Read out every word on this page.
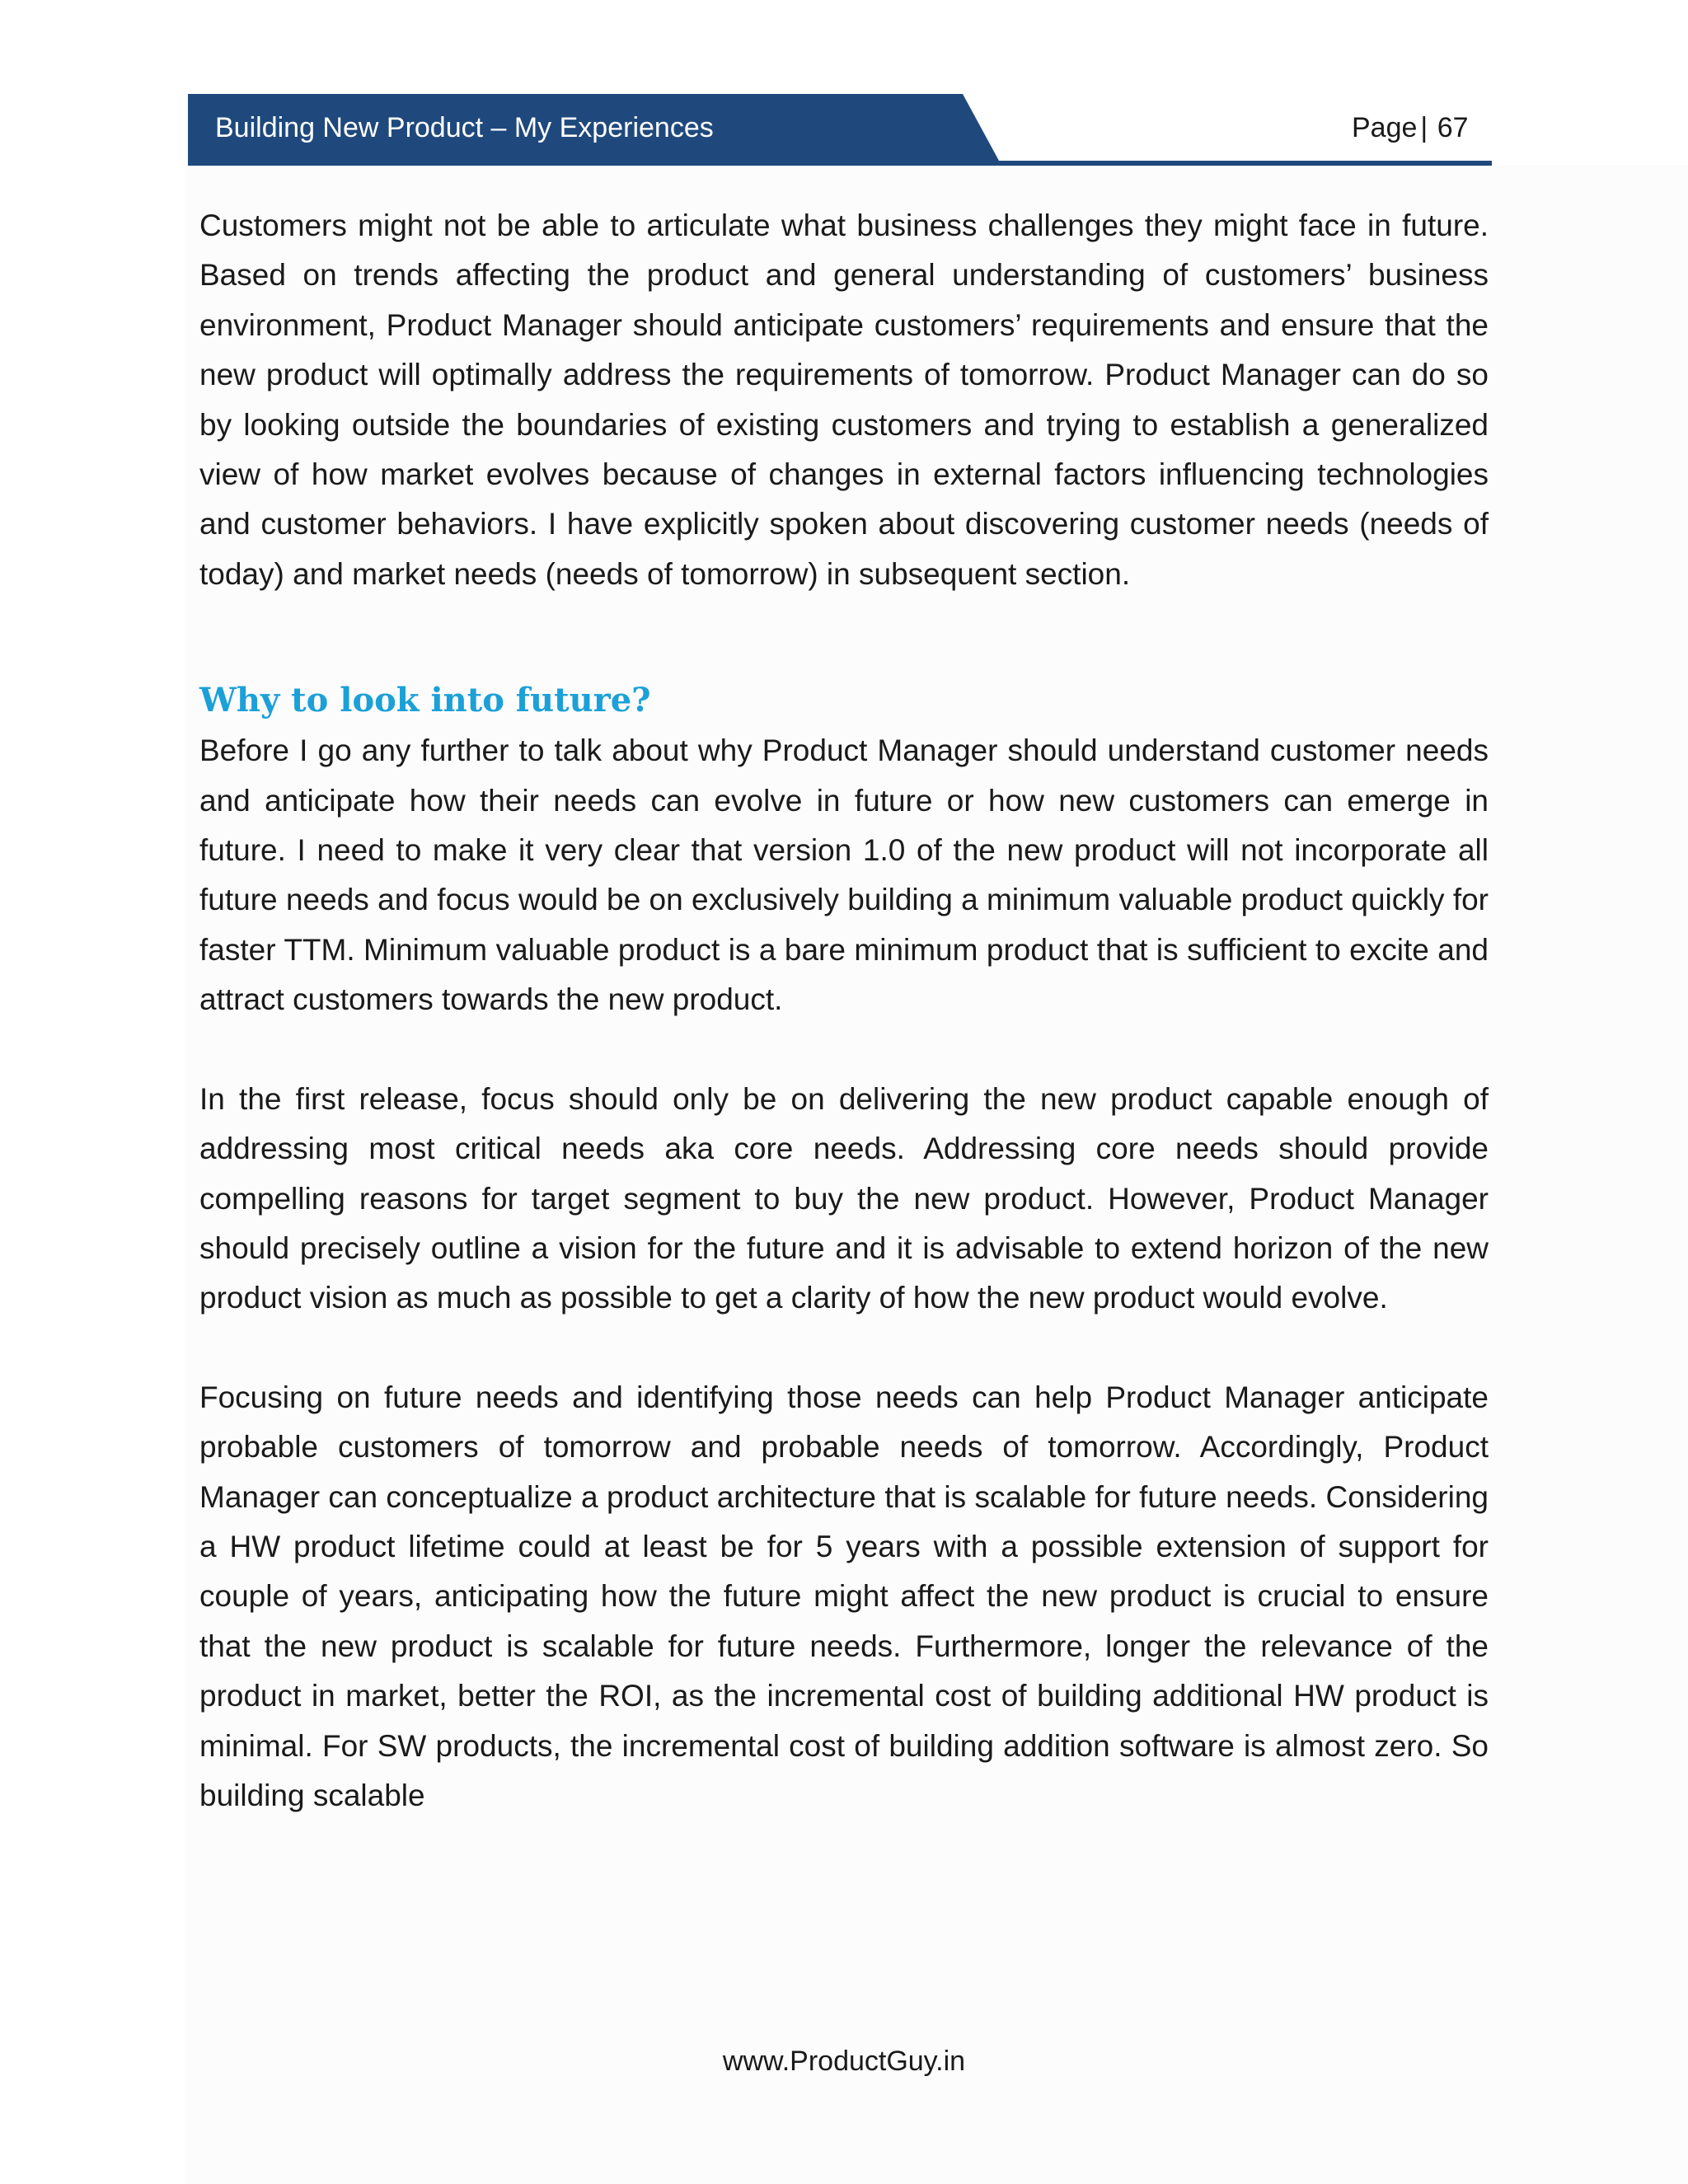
Building New Product – My Experiences	Page | 67

Customers might not be able to articulate what business challenges they might face in future. Based on trends affecting the product and general understanding of customers’ business environment, Product Manager should anticipate customers’ requirements and ensure that the new product will optimally address the requirements of tomorrow. Product Manager can do so by looking outside the boundaries of existing customers and trying to establish a generalized view of how market evolves because of changes in external factors influencing technologies and customer behaviors. I have explicitly spoken about discovering customer needs (needs of today) and market needs (needs of tomorrow) in subsequent section.

Why to look into future?

Before I go any further to talk about why Product Manager should understand customer needs and anticipate how their needs can evolve in future or how new customers can emerge in future. I need to make it very clear that version 1.0 of the new product will not incorporate all future needs and focus would be on exclusively building a minimum valuable product quickly for faster TTM. Minimum valuable product is a bare minimum product that is sufficient to excite and attract customers towards the new product.

In the first release, focus should only be on delivering the new product capable enough of addressing most critical needs aka core needs. Addressing core needs should provide compelling reasons for target segment to buy the new product. However, Product Manager should precisely outline a vision for the future and it is advisable to extend horizon of the new product vision as much as possible to get a clarity of how the new product would evolve.

Focusing on future needs and identifying those needs can help Product Manager anticipate probable customers of tomorrow and probable needs of tomorrow. Accordingly, Product Manager can conceptualize a product architecture that is scalable for future needs. Considering a HW product lifetime could at least be for 5 years with a possible extension of support for couple of years, anticipating how the future might affect the new product is crucial to ensure that the new product is scalable for future needs. Furthermore, longer the relevance of the product in market, better the ROI, as the incremental cost of building additional HW product is minimal. For SW products, the incremental cost of building addition software is almost zero. So building scalable

www.ProductGuy.in
